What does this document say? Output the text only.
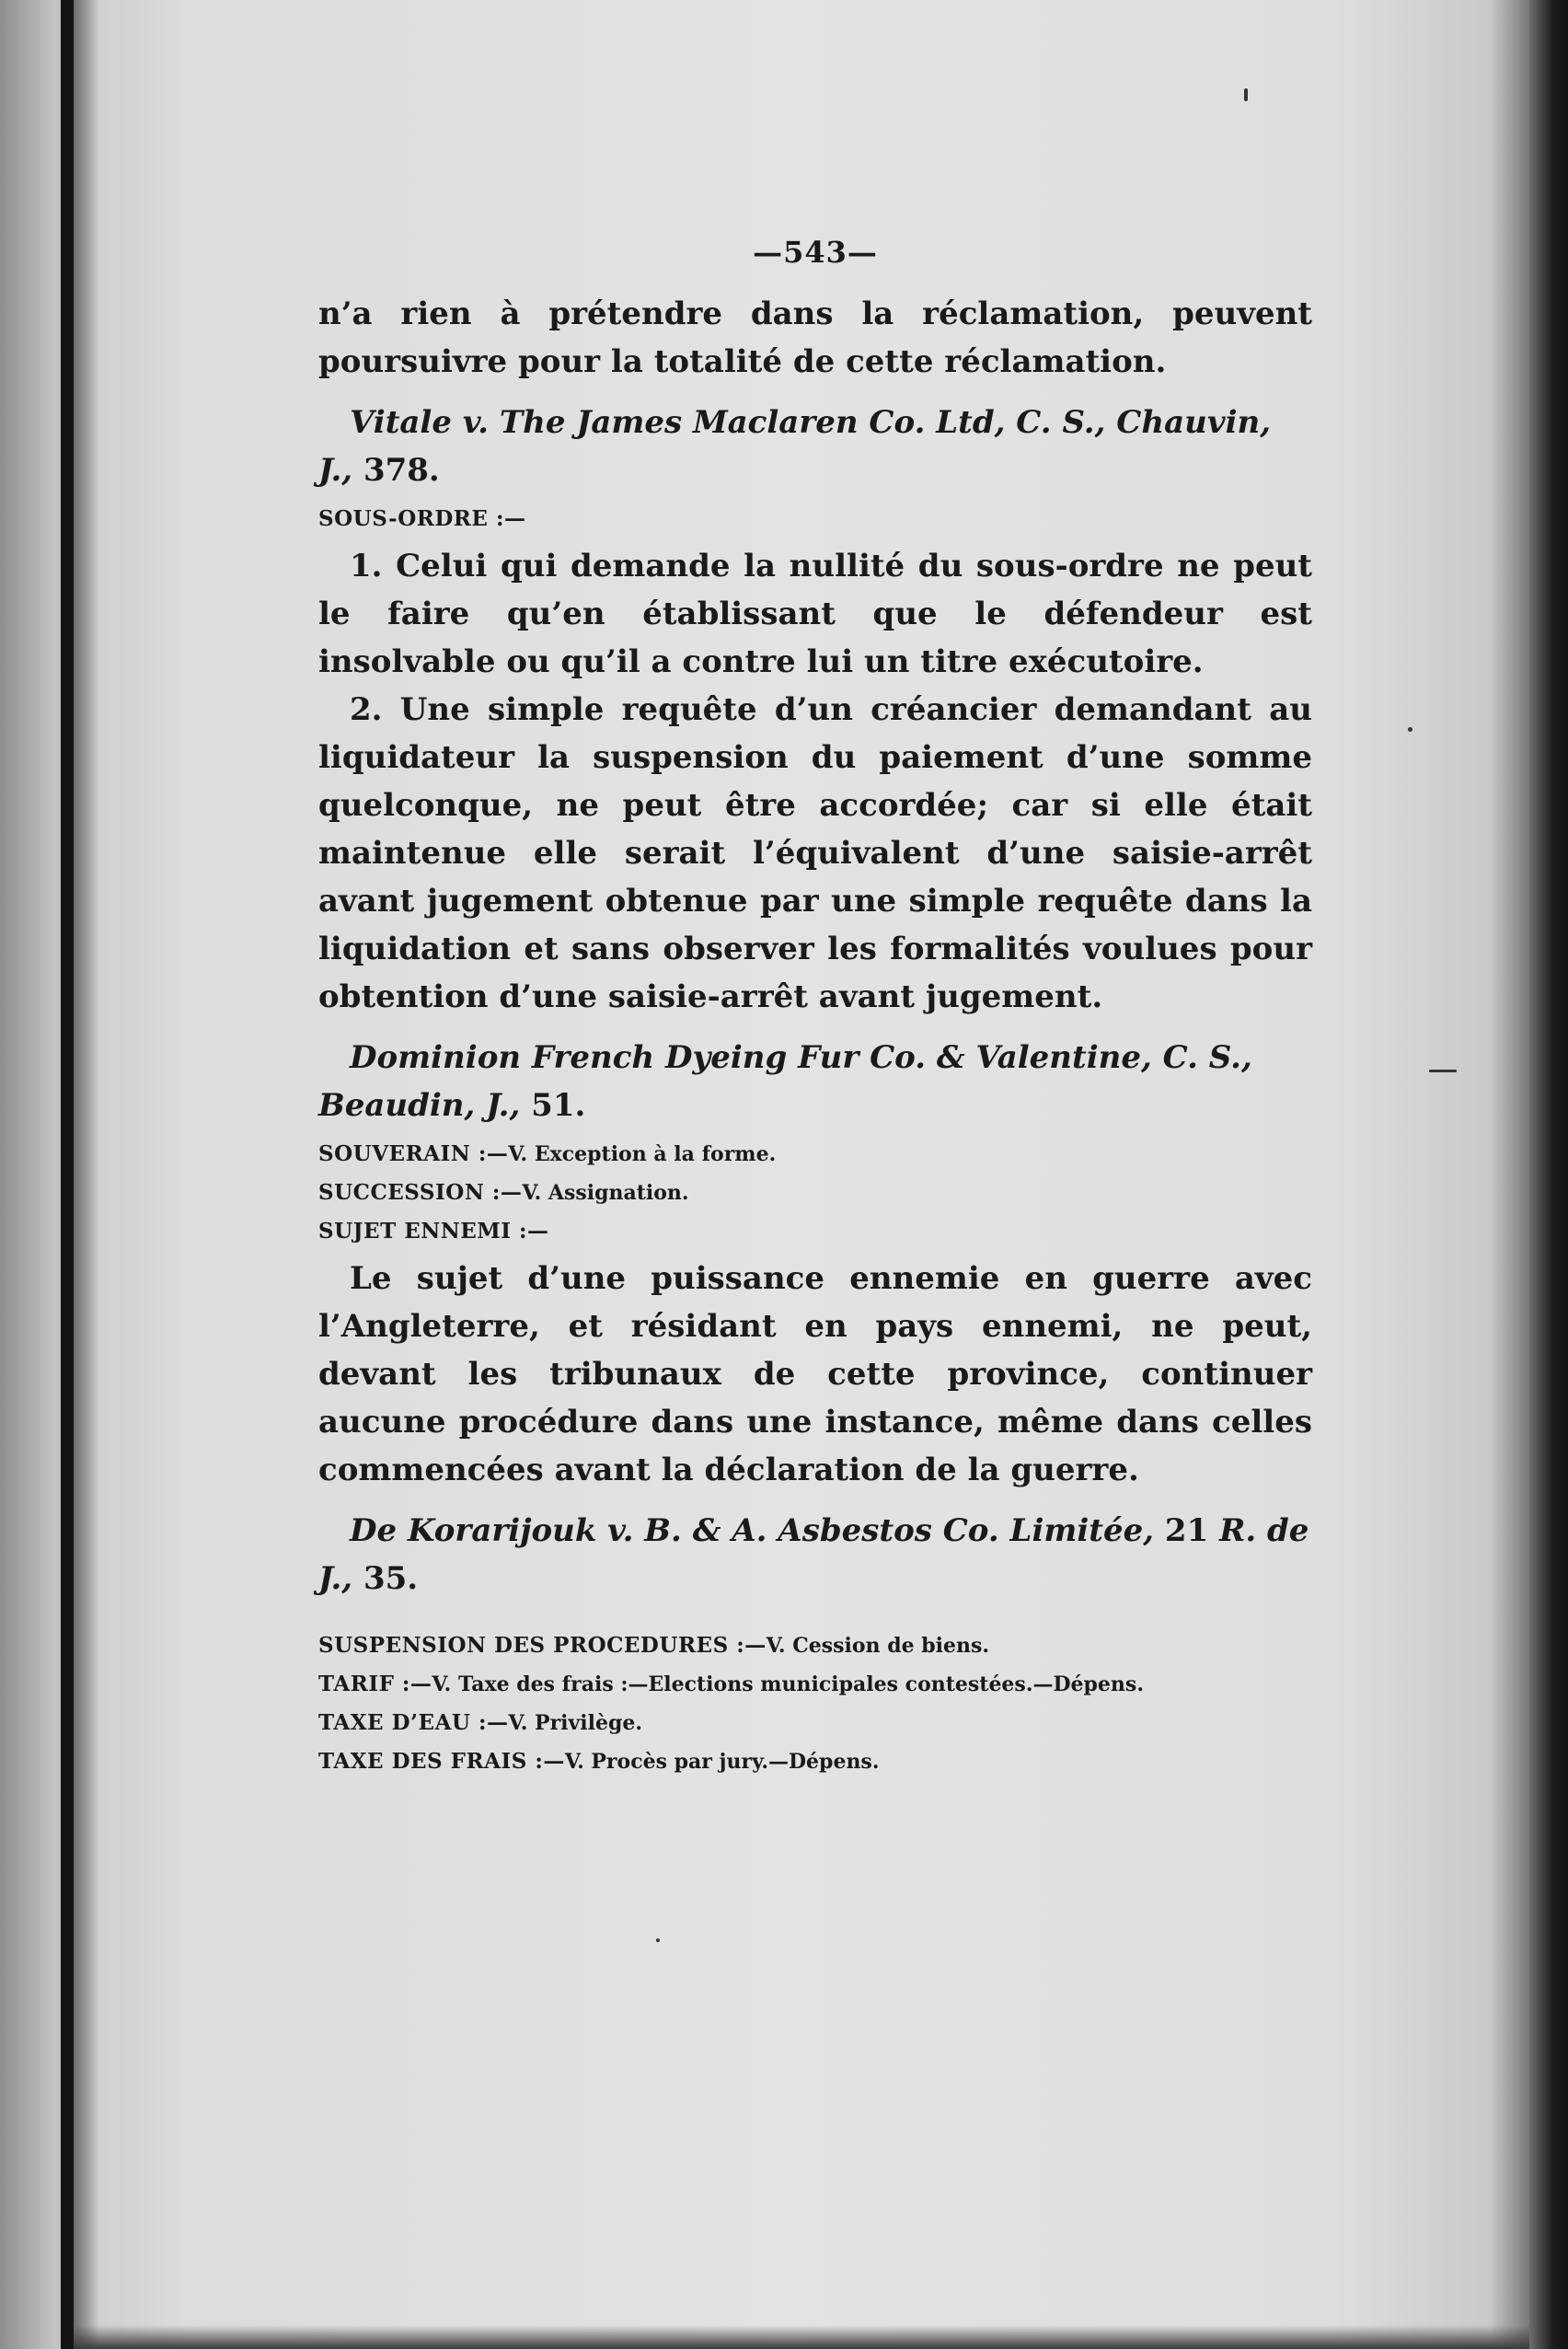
—543—

n’a rien à prétendre dans la réclamation, peuvent poursuivre pour la totalité de cette réclamation.

Vitale v. The James Maclaren Co. Ltd, C. S., Chauvin, J., 378.

SOUS-ORDRE :—

1. Celui qui demande la nullité du sous-ordre ne peut le faire qu’en établissant que le défendeur est insolvable ou qu’il a contre lui un titre exécutoire.

2. Une simple requête d’un créancier demandant au liquidateur la suspension du paiement d’une somme quelconque, ne peut être accordée; car si elle était maintenue elle serait l’équivalent d’une saisie-arrêt avant jugement obtenue par une simple requête dans la liquidation et sans observer les formalités voulues pour obtention d’une saisie-arrêt avant jugement.

Dominion French Dyeing Fur Co. & Valentine, C. S., Beaudin, J., 51.

SOUVERAIN :—V. Exception à la forme.
SUCCESSION :—V. Assignation.
SUJET ENNEMI :—

Le sujet d’une puissance ennemie en guerre avec l’Angleterre, et résidant en pays ennemi, ne peut, devant les tribunaux de cette province, continuer aucune procédure dans une instance, même dans celles commencées avant la déclaration de la guerre.

De Korarijouk v. B. & A. Asbestos Co. Limitée, 21 R. de J., 35.

SUSPENSION DES PROCEDURES :—V. Cession de biens.
TARIF :—V. Taxe des frais :—Elections municipales contestées.—Dépens.
TAXE D’EAU :—V. Privilège.
TAXE DES FRAIS :—V. Procès par jury.—Dépens.
